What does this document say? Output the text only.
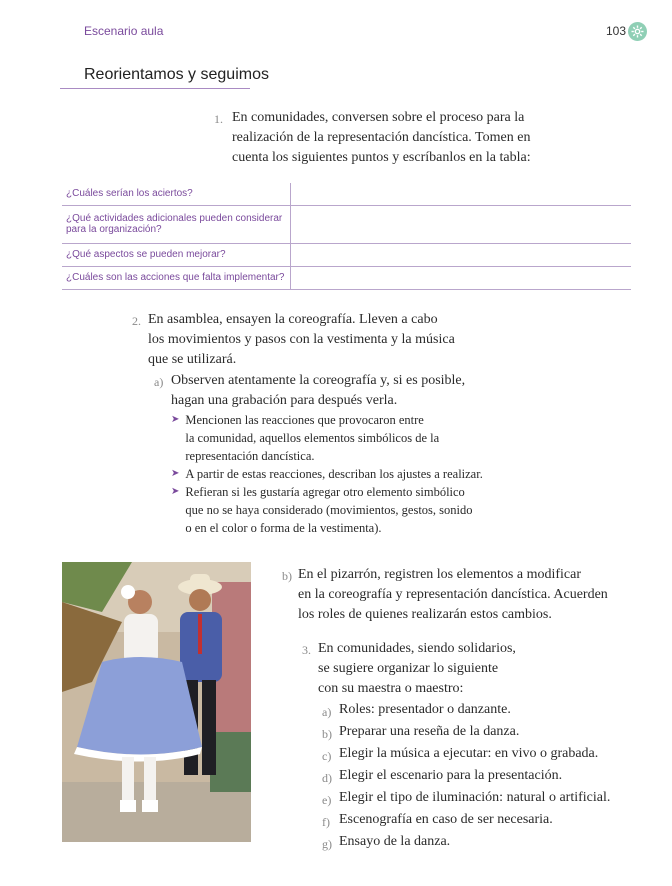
Escenario aula	103
Reorientamos y seguimos
1. En comunidades, conversen sobre el proceso para la
realización de la representación dancística. Tomen en
cuenta los siguientes puntos y escríbanlos en la tabla:
¿Cuáles serían los aciertos?	
¿Qué actividades adicionales pueden considerar para la organización?	
¿Qué aspectos se pueden mejorar?	
¿Cuáles son las acciones que falta implementar?	
2. En asamblea, ensayen la coreografía. Lleven a cabo
los movimientos y pasos con la vestimenta y la música
que se utilizará.
a) Observen atentamente la coreografía y, si es posible,
hagan una grabación para después verla.
➤ Mencionen las reacciones que provocaron entre
la comunidad, aquellos elementos simbólicos de la
representación dancística.
➤ A partir de estas reacciones, describan los ajustes a realizar.
➤ Refieran si les gustaría agregar otro elemento simbólico
que no se haya considerado (movimientos, gestos, sonido
o en el color o forma de la vestimenta).
b) En el pizarrón, registren los elementos a modificar
en la coreografía y representación dancística. Acuerden
los roles de quienes realizarán estos cambios.
3. En comunidades, siendo solidarios,
se sugiere organizar lo siguiente
con su maestra o maestro:
a) Roles: presentador o danzante.
b) Preparar una reseña de la danza.
c) Elegir la música a ejecutar: en vivo o grabada.
d) Elegir el escenario para la presentación.
e) Elegir el tipo de iluminación: natural o artificial.
f) Escenografía en caso de ser necesaria.
g) Ensayo de la danza.
